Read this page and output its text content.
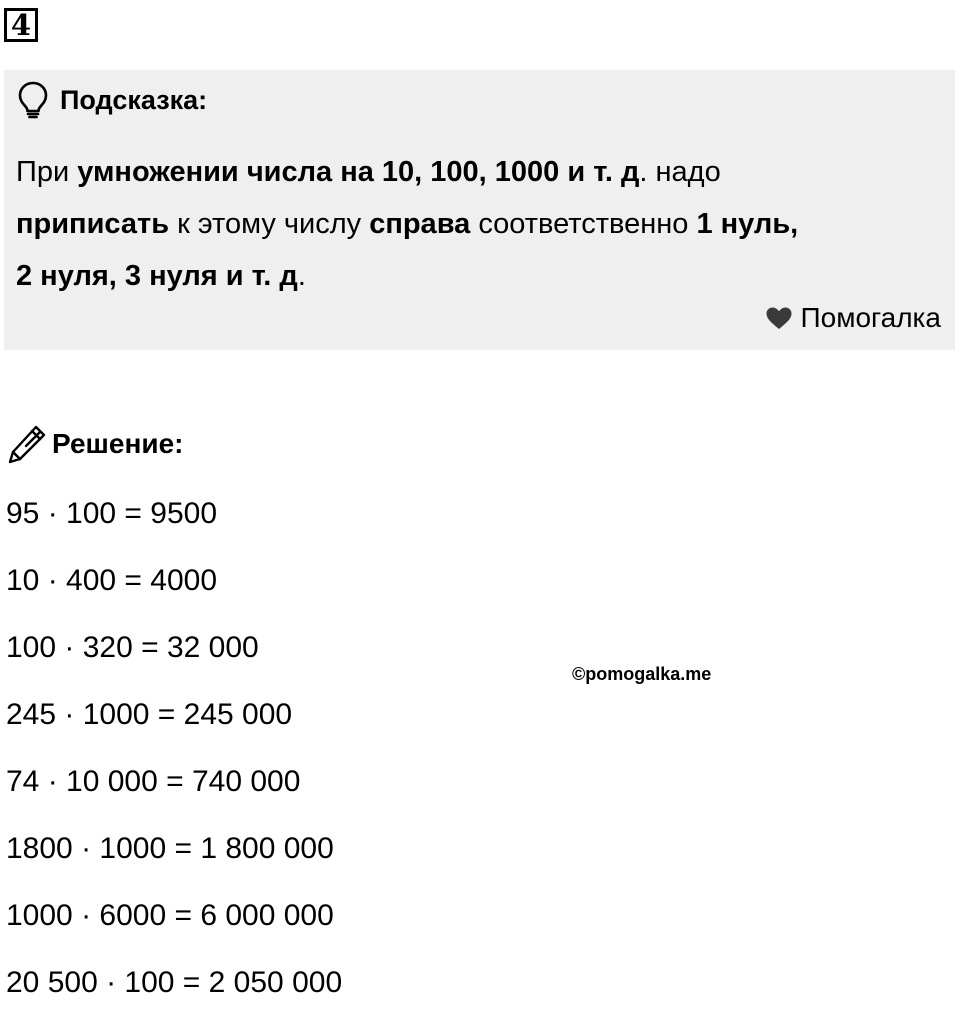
4
Подсказка:
При умножении числа на 10, 100, 1000 и т. д. надо
приписать к этому числу справа соответственно 1 нуль,
2 нуля, 3 нуля и т. д.
Помогалка
Решение:
95 · 100 = 9500
10 · 400 = 4000
100 · 320 = 32 000
245 · 1000 = 245 000
74 · 10 000 = 740 000
1800 · 1000 = 1 800 000
1000 · 6000 = 6 000 000
20 500 · 100 = 2 050 000
©pomogalka.me
